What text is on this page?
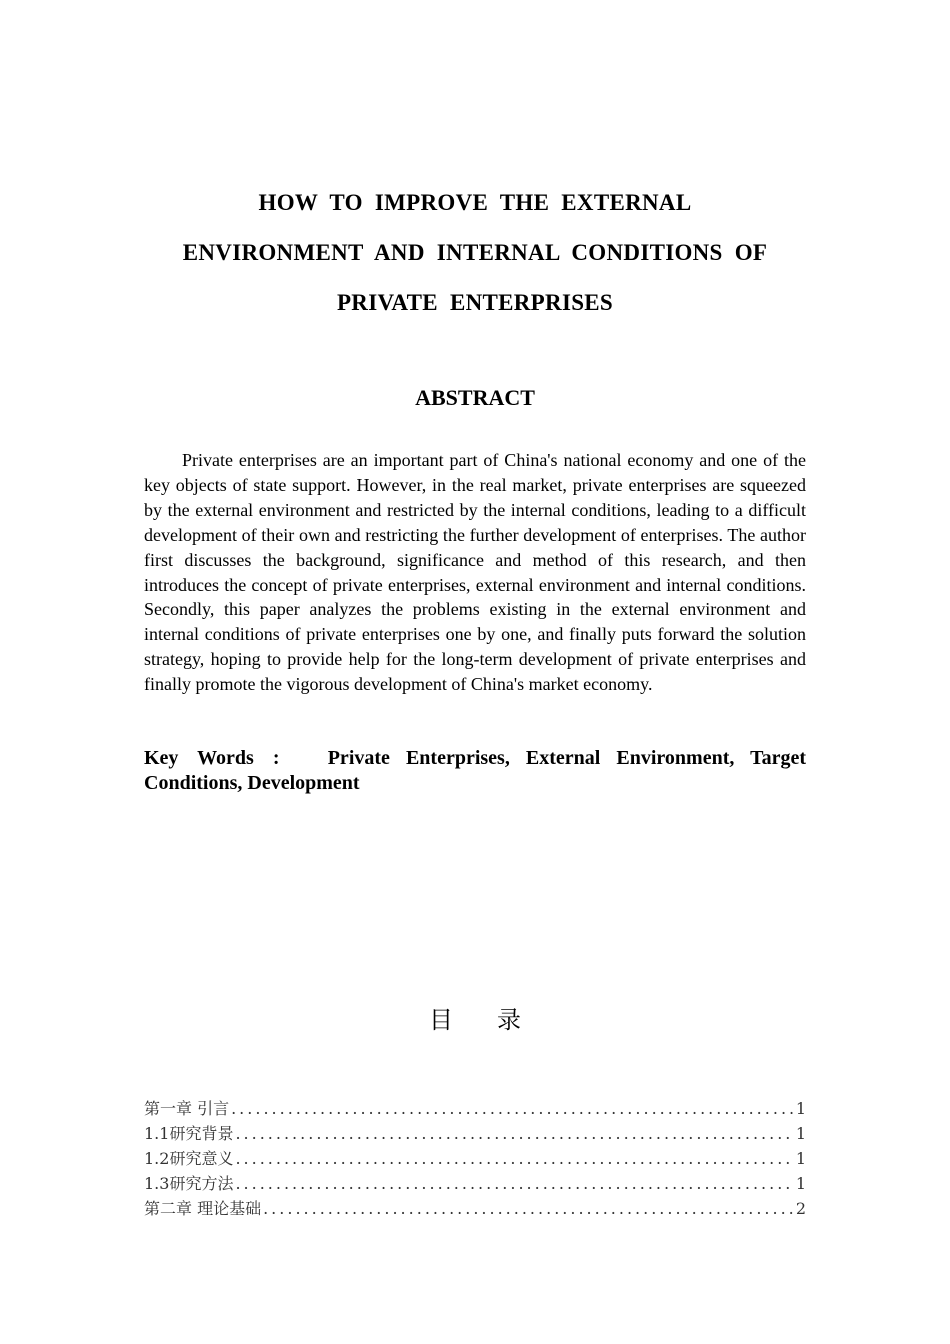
HOW TO IMPROVE THE EXTERNAL
ENVIRONMENT AND INTERNAL CONDITIONS OF
PRIVATE ENTERPRISES
ABSTRACT

Private enterprises are an important part of China's national economy and one of the key objects of state support. However, in the real market, private enterprises are squeezed by the external environment and restricted by the internal conditions, leading to a difficult development of their own and restricting the further development of enterprises. The author first discusses the background, significance and method of this research, and then introduces the concept of private enterprises, external environment and internal conditions. Secondly, this paper analyzes the problems existing in the external environment and internal conditions of private enterprises one by one, and finally puts forward the solution strategy, hoping to provide help for the long-term development of private enterprises and finally promote the vigorous development of China's market economy.

Key Words : Private Enterprises, External Environment, Target Conditions, Development

目录
第一章 引言 .....	1
1.1研究背景 .....	1
1.2研究意义 .....	1
1.3研究方法 .....	1
第二章 理论基础 .....	2
